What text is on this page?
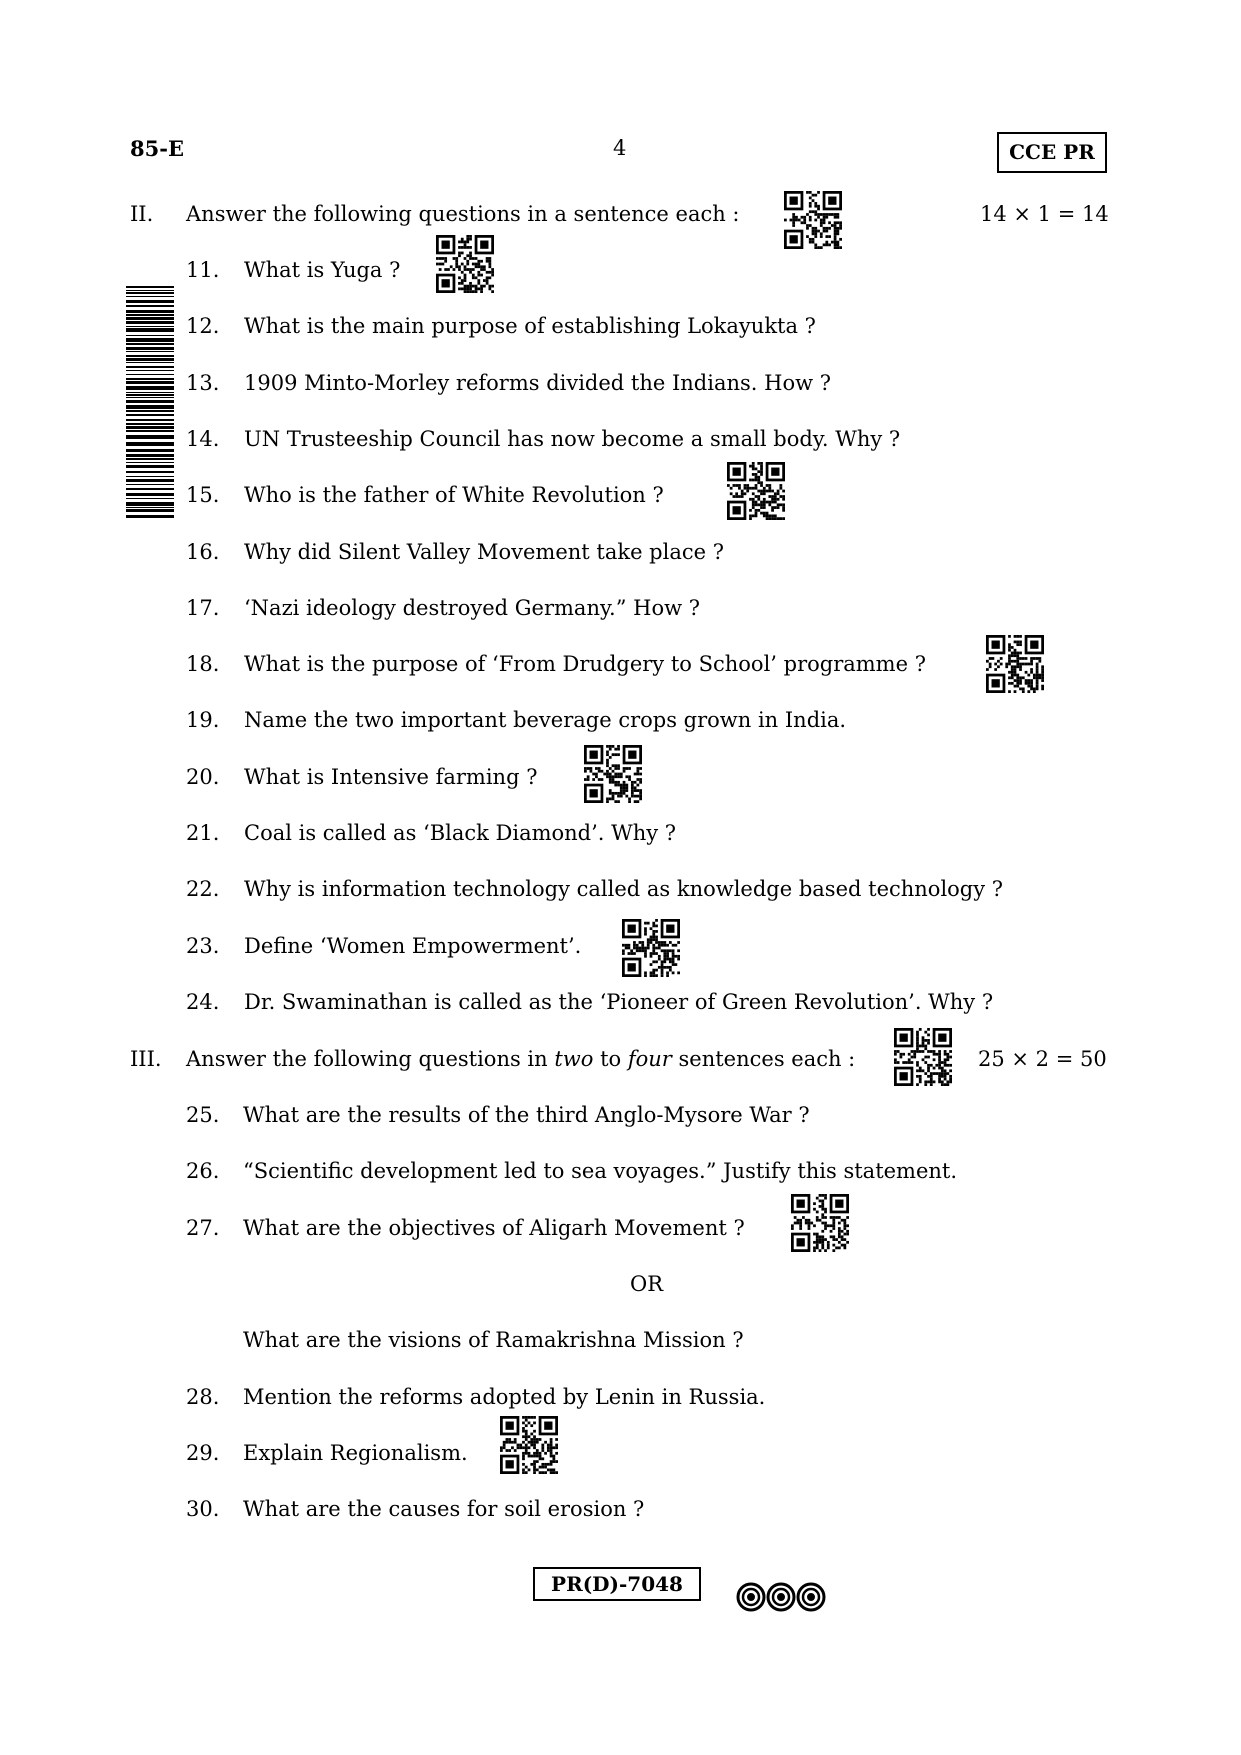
85-E	4	CCE PR
II. Answer the following questions in a sentence each :	14 × 1 = 14
11. What is Yuga ?
12. What is the main purpose of establishing Lokayukta ?
13. 1909 Minto-Morley reforms divided the Indians. How ?
14. UN Trusteeship Council has now become a small body. Why ?
15. Who is the father of White Revolution ?
16. Why did Silent Valley Movement take place ?
17. ‘Nazi ideology destroyed Germany.” How ?
18. What is the purpose of ‘From Drudgery to School’ programme ?
19. Name the two important beverage crops grown in India.
20. What is Intensive farming ?
21. Coal is called as ‘Black Diamond’. Why ?
22. Why is information technology called as knowledge based technology ?
23. Define ‘Women Empowerment’.
24. Dr. Swaminathan is called as the ‘Pioneer of Green Revolution’. Why ?
III. Answer the following questions in two to four sentences each :	25 × 2 = 50
25. What are the results of the third Anglo-Mysore War ?
26. “Scientific development led to sea voyages.” Justify this statement.
27. What are the objectives of Aligarh Movement ?
OR
What are the visions of Ramakrishna Mission ?
28. Mention the reforms adopted by Lenin in Russia.
29. Explain Regionalism.
30. What are the causes for soil erosion ?
PR(D)-7048
